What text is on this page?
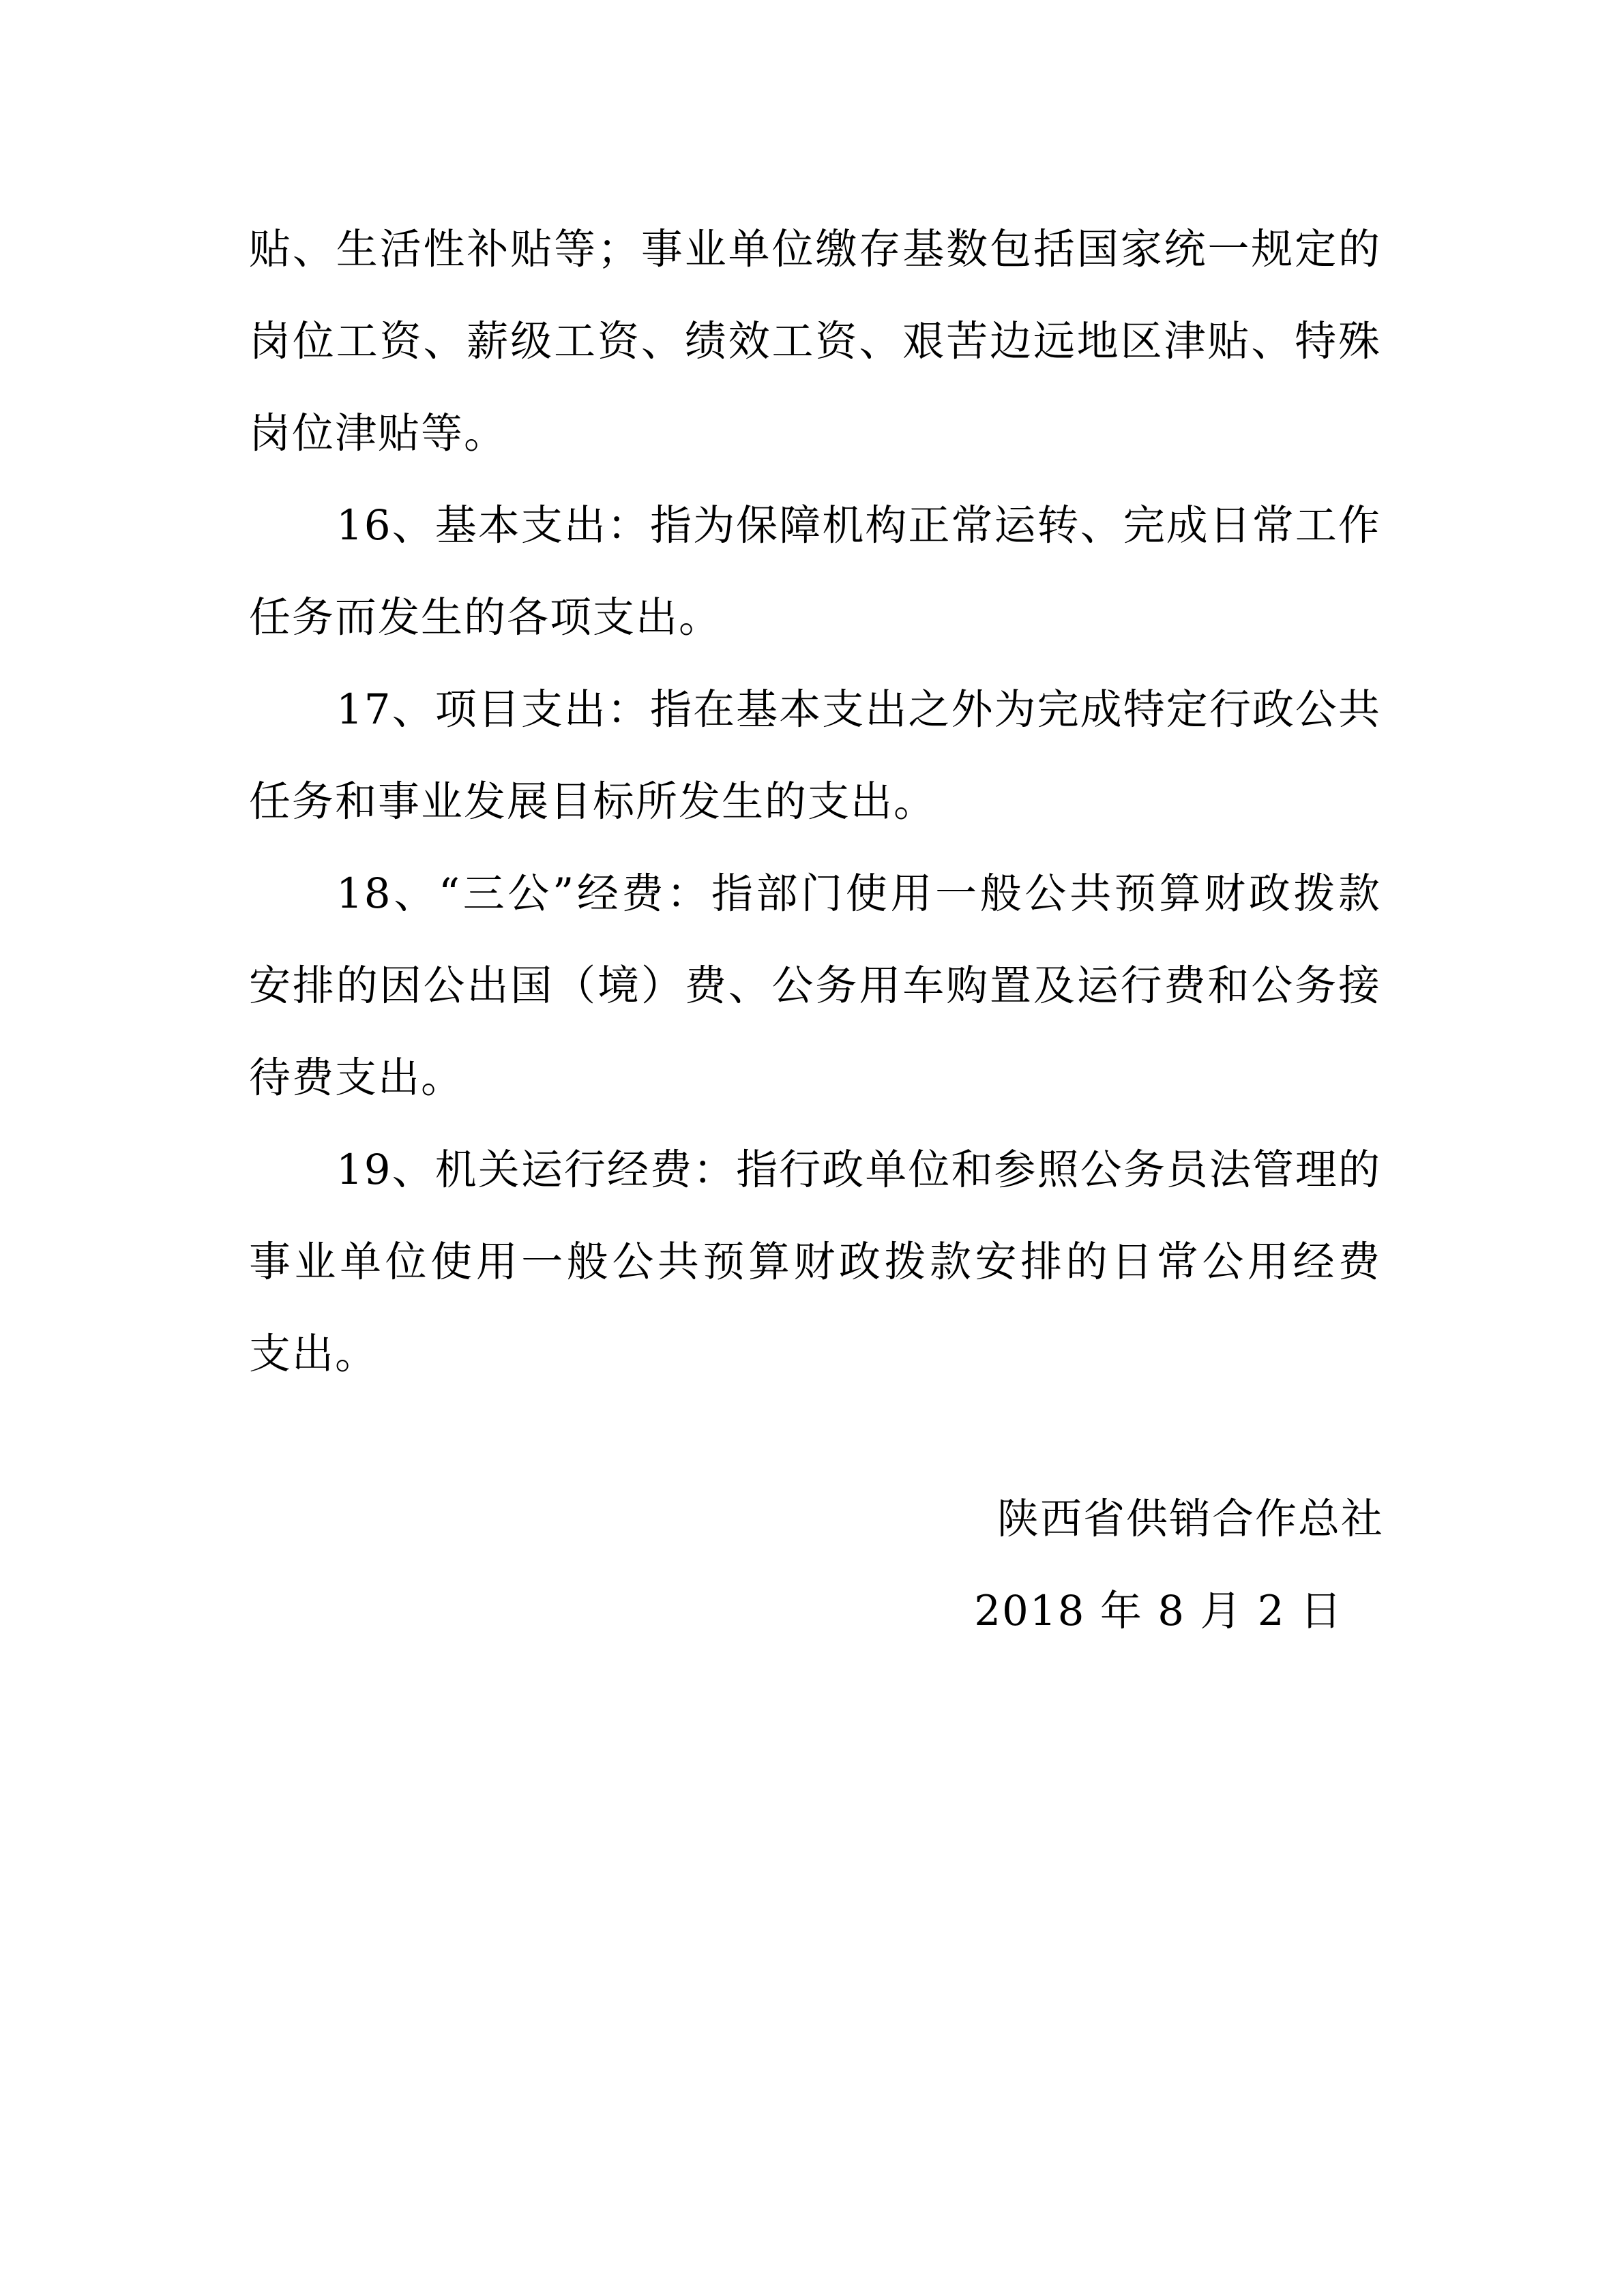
贴、生活性补贴等；事业单位缴存基数包括国家统一规定的
岗位工资、薪级工资、绩效工资、艰苦边远地区津贴、特殊
岗位津贴等。
16、基本支出：指为保障机构正常运转、完成日常工作
任务而发生的各项支出。
17、项目支出：指在基本支出之外为完成特定行政公共
任务和事业发展目标所发生的支出。
18、“三公”经费：指部门使用一般公共预算财政拨款
安排的因公出国（境）费、公务用车购置及运行费和公务接
待费支出。
19、机关运行经费：指行政单位和参照公务员法管理的
事业单位使用一般公共预算财政拨款安排的日常公用经费
支出。
陕西省供销合作总社
2018 年 8 月 2 日
